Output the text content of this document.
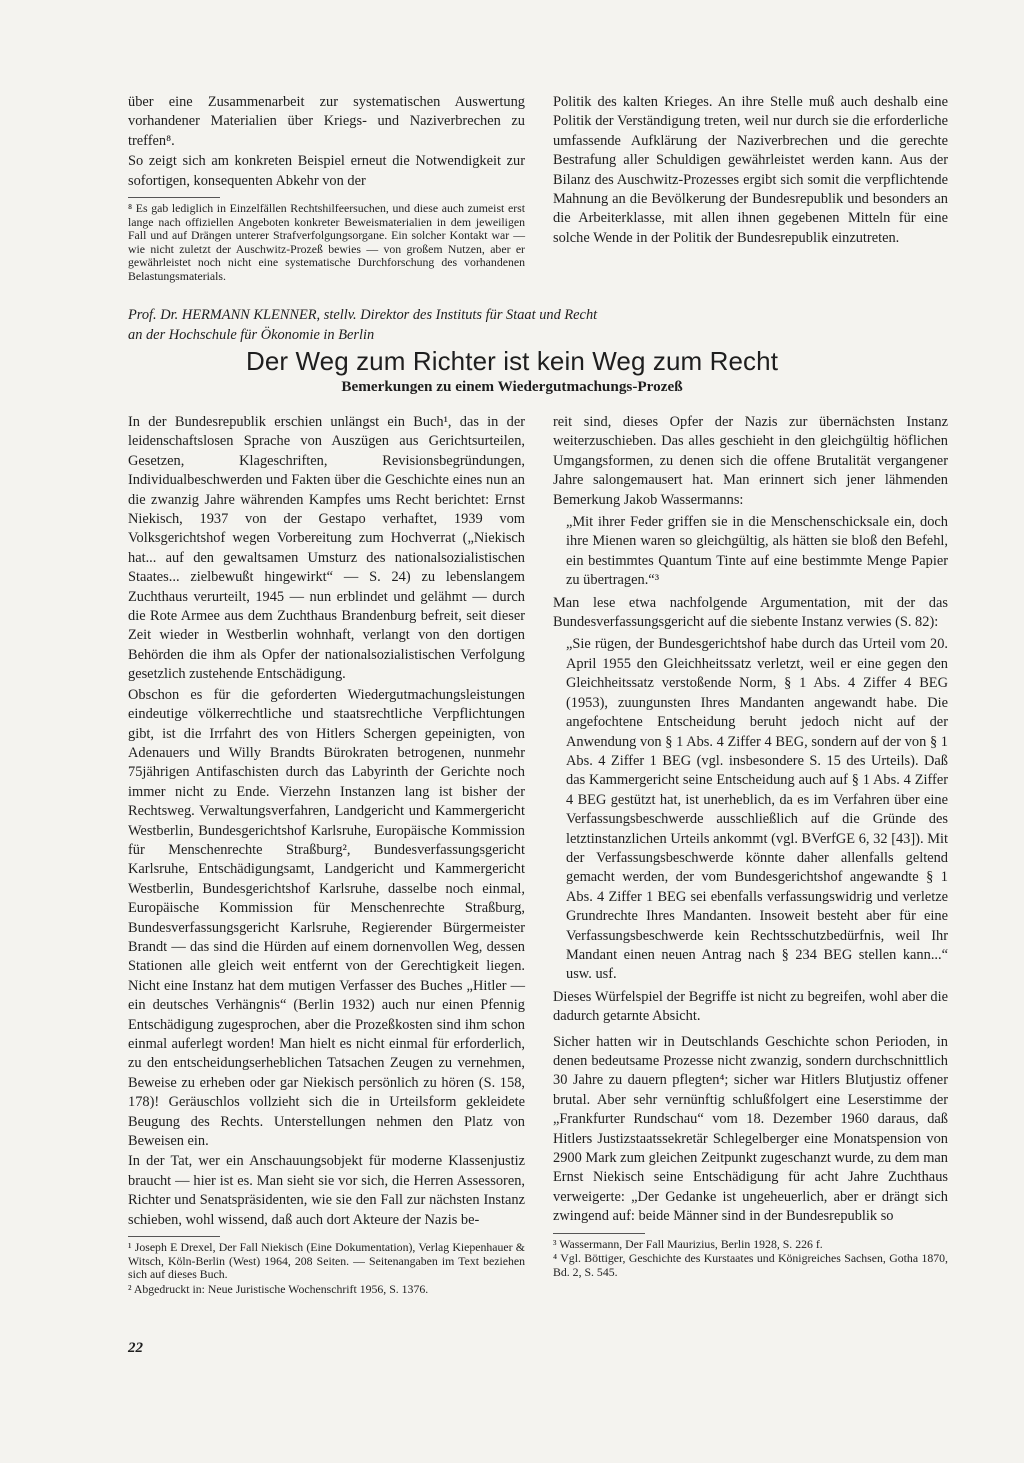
über eine Zusammenarbeit zur systematischen Auswertung vorhandener Materialien über Kriegs- und Naziverbrechen zu treffen⁸.

So zeigt sich am konkreten Beispiel erneut die Notwendigkeit zur sofortigen, konsequenten Abkehr von der

⁸ Es gab lediglich in Einzelfällen Rechtshilfeersuchen, und diese auch zumeist erst lange nach offiziellen Angeboten konkreter Beweismaterialien in dem jeweiligen Fall und auf Drängen unterer Strafverfolgungsorgane. Ein solcher Kontakt war — wie nicht zuletzt der Auschwitz-Prozeß bewies — von großem Nutzen, aber er gewährleistet noch nicht eine systematische Durchforschung des vorhandenen Belastungsmaterials.

Politik des kalten Krieges. An ihre Stelle muß auch deshalb eine Politik der Verständigung treten, weil nur durch sie die erforderliche umfassende Aufklärung der Naziverbrechen und die gerechte Bestrafung aller Schuldigen gewährleistet werden kann. Aus der Bilanz des Auschwitz-Prozesses ergibt sich somit die verpflichtende Mahnung an die Bevölkerung der Bundesrepublik und besonders an die Arbeiterklasse, mit allen ihnen gegebenen Mitteln für eine solche Wende in der Politik der Bundesrepublik einzutreten.

Prof. Dr. HERMANN KLENNER, stellv. Direktor des Instituts für Staat und Recht
an der Hochschule für Ökonomie in Berlin
Der Weg zum Richter ist kein Weg zum Recht
Bemerkungen zu einem Wiedergutmachungs-Prozeß

In der Bundesrepublik erschien unlängst ein Buch¹, das in der leidenschaftslosen Sprache von Auszügen aus Gerichtsurteilen, Gesetzen, Klageschriften, Revisionsbegründungen, Individualbeschwerden und Fakten über die Geschichte eines nun an die zwanzig Jahre währenden Kampfes ums Recht berichtet: Ernst Niekisch, 1937 von der Gestapo verhaftet, 1939 vom Volksgerichtshof wegen Vorbereitung zum Hochverrat („Niekisch hat... auf den gewaltsamen Umsturz des nationalsozialistischen Staates... zielbewußt hingewirkt“ — S. 24) zu lebenslangem Zuchthaus verurteilt, 1945 — nun erblindet und gelähmt — durch die Rote Armee aus dem Zuchthaus Brandenburg befreit, seit dieser Zeit wieder in Westberlin wohnhaft, verlangt von den dortigen Behörden die ihm als Opfer der nationalsozialistischen Verfolgung gesetzlich zustehende Entschädigung.

Obschon es für die geforderten Wiedergutmachungsleistungen eindeutige völkerrechtliche und staatsrechtliche Verpflichtungen gibt, ist die Irrfahrt des von Hitlers Schergen gepeinigten, von Adenauers und Willy Brandts Bürokraten betrogenen, nunmehr 75jährigen Antifaschisten durch das Labyrinth der Gerichte noch immer nicht zu Ende. Vierzehn Instanzen lang ist bisher der Rechtsweg. Verwaltungsverfahren, Landgericht und Kammergericht Westberlin, Bundesgerichtshof Karlsruhe, Europäische Kommission für Menschenrechte Straßburg², Bundesverfassungsgericht Karlsruhe, Entschädigungsamt, Landgericht und Kammergericht Westberlin, Bundesgerichtshof Karlsruhe, dasselbe noch einmal, Europäische Kommission für Menschenrechte Straßburg, Bundesverfassungsgericht Karlsruhe, Regierender Bürgermeister Brandt — das sind die Hürden auf einem dornenvollen Weg, dessen Stationen alle gleich weit entfernt von der Gerechtigkeit liegen. Nicht eine Instanz hat dem mutigen Verfasser des Buches „Hitler — ein deutsches Verhängnis“ (Berlin 1932) auch nur einen Pfennig Entschädigung zugesprochen, aber die Prozeßkosten sind ihm schon einmal auferlegt worden! Man hielt es nicht einmal für erforderlich, zu den entscheidungserheblichen Tatsachen Zeugen zu vernehmen, Beweise zu erheben oder gar Niekisch persönlich zu hören (S. 158, 178)! Geräuschlos vollzieht sich die in Urteilsform gekleidete Beugung des Rechts. Unterstellungen nehmen den Platz von Beweisen ein.

In der Tat, wer ein Anschauungsobjekt für moderne Klassenjustiz braucht — hier ist es. Man sieht sie vor sich, die Herren Assessoren, Richter und Senatspräsidenten, wie sie den Fall zur nächsten Instanz schieben, wohl wissend, daß auch dort Akteure der Nazis be-

¹ Joseph E Drexel, Der Fall Niekisch (Eine Dokumentation), Verlag Kiepenhauer & Witsch, Köln-Berlin (West) 1964, 208 Seiten. — Seitenangaben im Text beziehen sich auf dieses Buch.

² Abgedruckt in: Neue Juristische Wochenschrift 1956, S. 1376.

reit sind, dieses Opfer der Nazis zur übernächsten Instanz weiterzuschieben. Das alles geschieht in den gleichgültig höflichen Umgangsformen, zu denen sich die offene Brutalität vergangener Jahre salongemausert hat. Man erinnert sich jener lähmenden Bemerkung Jakob Wassermanns:

„Mit ihrer Feder griffen sie in die Menschenschicksale ein, doch ihre Mienen waren so gleichgültig, als hätten sie bloß den Befehl, ein bestimmtes Quantum Tinte auf eine bestimmte Menge Papier zu übertragen.“³

Man lese etwa nachfolgende Argumentation, mit der das Bundesverfassungsgericht auf die siebente Instanz verwies (S. 82):

„Sie rügen, der Bundesgerichtshof habe durch das Urteil vom 20. April 1955 den Gleichheitssatz verletzt, weil er eine gegen den Gleichheitssatz verstoßende Norm, § 1 Abs. 4 Ziffer 4 BEG (1953), zuungunsten Ihres Mandanten angewandt habe. Die angefochtene Entscheidung beruht jedoch nicht auf der Anwendung von § 1 Abs. 4 Ziffer 4 BEG, sondern auf der von § 1 Abs. 4 Ziffer 1 BEG (vgl. insbesondere S. 15 des Urteils). Daß das Kammergericht seine Entscheidung auch auf § 1 Abs. 4 Ziffer 4 BEG gestützt hat, ist unerheblich, da es im Verfahren über eine Verfassungsbeschwerde ausschließlich auf die Gründe des letztinstanzlichen Urteils ankommt (vgl. BVerfGE 6, 32 [43]). Mit der Verfassungsbeschwerde könnte daher allenfalls geltend gemacht werden, der vom Bundesgerichtshof angewandte § 1 Abs. 4 Ziffer 1 BEG sei ebenfalls verfassungswidrig und verletze Grundrechte Ihres Mandanten. Insoweit besteht aber für eine Verfassungsbeschwerde kein Rechtsschutzbedürfnis, weil Ihr Mandant einen neuen Antrag nach § 234 BEG stellen kann...“ usw. usf.

Dieses Würfelspiel der Begriffe ist nicht zu begreifen, wohl aber die dadurch getarnte Absicht.

Sicher hatten wir in Deutschlands Geschichte schon Perioden, in denen bedeutsame Prozesse nicht zwanzig, sondern durchschnittlich 30 Jahre zu dauern pflegten⁴; sicher war Hitlers Blutjustiz offener brutal. Aber sehr vernünftig schlußfolgert eine Leserstimme der „Frankfurter Rundschau“ vom 18. Dezember 1960 daraus, daß Hitlers Justizstaatssekretär Schlegelberger eine Monatspension von 2900 Mark zum gleichen Zeitpunkt zugeschanzt wurde, zu dem man Ernst Niekisch seine Entschädigung für acht Jahre Zuchthaus verweigerte: „Der Gedanke ist ungeheuerlich, aber er drängt sich zwingend auf: beide Männer sind in der Bundesrepublik so

³ Wassermann, Der Fall Maurizius, Berlin 1928, S. 226 f.

⁴ Vgl. Böttiger, Geschichte des Kurstaates und Königreiches Sachsen, Gotha 1870, Bd. 2, S. 545.

22
